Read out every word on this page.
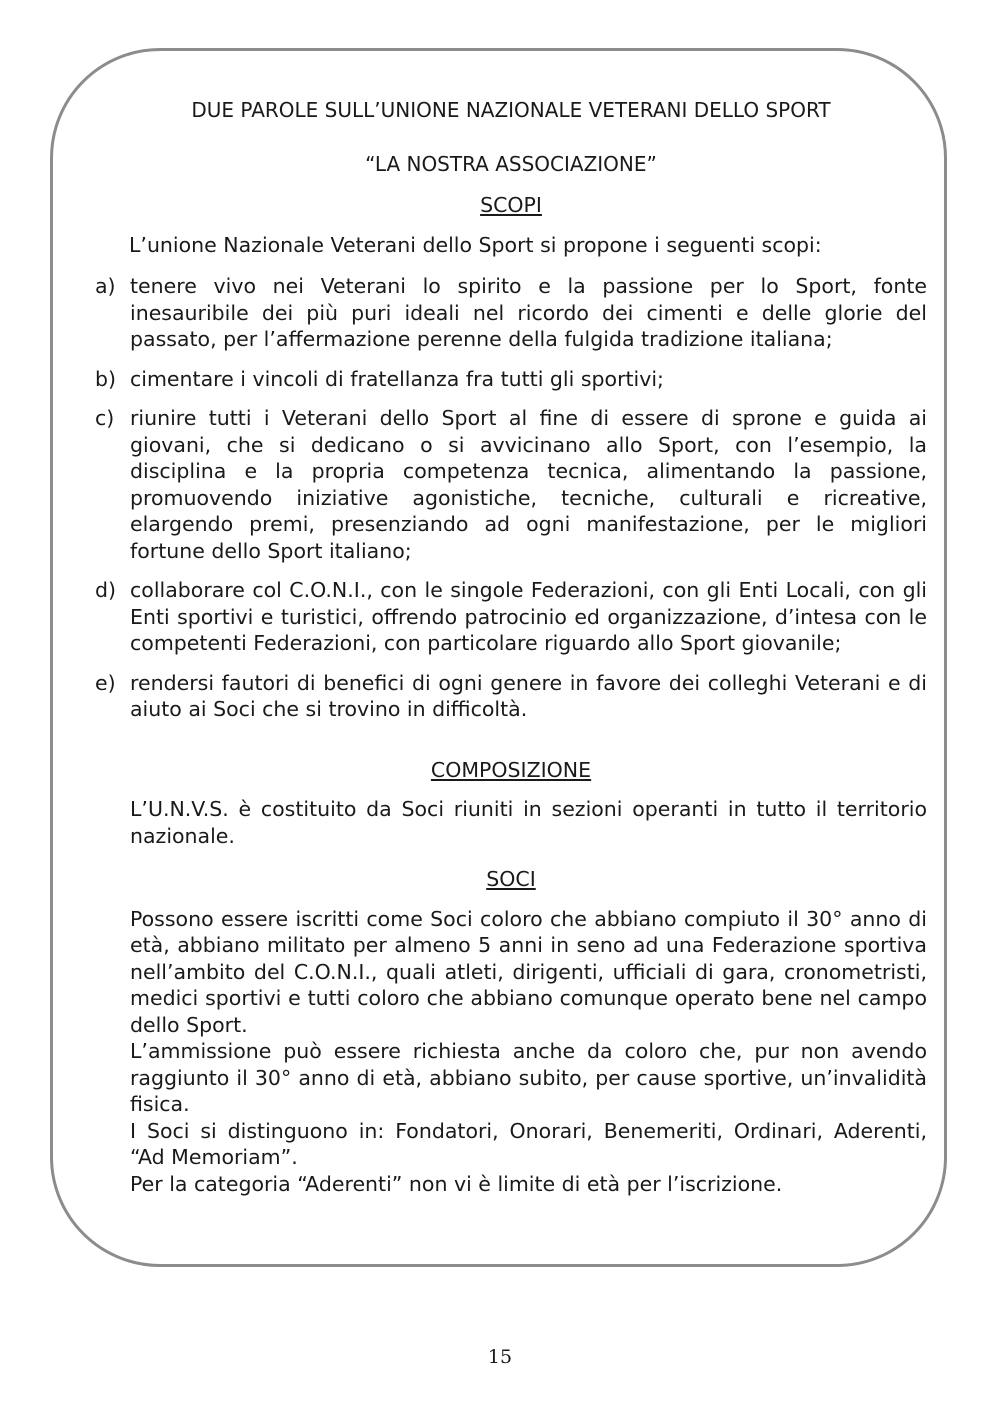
DUE PAROLE SULL’UNIONE NAZIONALE VETERANI DELLO SPORT
“LA NOSTRA ASSOCIAZIONE”
SCOPI
L’unione Nazionale Veterani dello Sport si propone i seguenti scopi:
a) tenere vivo nei Veterani lo spirito e la passione per lo Sport, fonte inesauribile dei più puri ideali nel ricordo dei cimenti e delle glorie del passato, per l’affermazione perenne della fulgida tradizione italiana;
b) cimentare i vincoli di fratellanza fra tutti gli sportivi;
c) riunire tutti i Veterani dello Sport al fine di essere di sprone e guida ai giovani, che si dedicano o si avvicinano allo Sport, con l’esempio, la disciplina e la propria competenza tecnica, alimentando la passione, promuovendo iniziative agonistiche, tecniche, culturali e ricreative, elargendo premi, presenziando ad ogni manifestazione, per le migliori fortune dello Sport italiano;
d) collaborare col C.O.N.I., con le singole Federazioni, con gli Enti Locali, con gli Enti sportivi e turistici, offrendo patrocinio ed organizzazione, d’intesa con le competenti Federazioni, con particolare riguardo allo Sport giovanile;
e) rendersi fautori di benefici di ogni genere in favore dei colleghi Veterani e di aiuto ai Soci che si trovino in difficoltà.
COMPOSIZIONE

L’U.N.V.S. è costituito da Soci riuniti in sezioni operanti in tutto il territorio nazionale.

SOCI

Possono essere iscritti come Soci coloro che abbiano compiuto il 30° anno di età, abbiano militato per almeno 5 anni in seno ad una Federazione sportiva nell’ambito del C.O.N.I., quali atleti, dirigenti, ufficiali di gara, cronometristi, medici sportivi e tutti coloro che abbiano comunque operato bene nel campo dello Sport.

L’ammissione può essere richiesta anche da coloro che, pur non avendo raggiunto il 30° anno di età, abbiano subito, per cause sportive, un’invalidità fisica.

I Soci si distinguono in: Fondatori, Onorari, Benemeriti, Ordinari, Aderenti, “Ad Memoriam”.

Per la categoria “Aderenti” non vi è limite di età per l’iscrizione.

15
